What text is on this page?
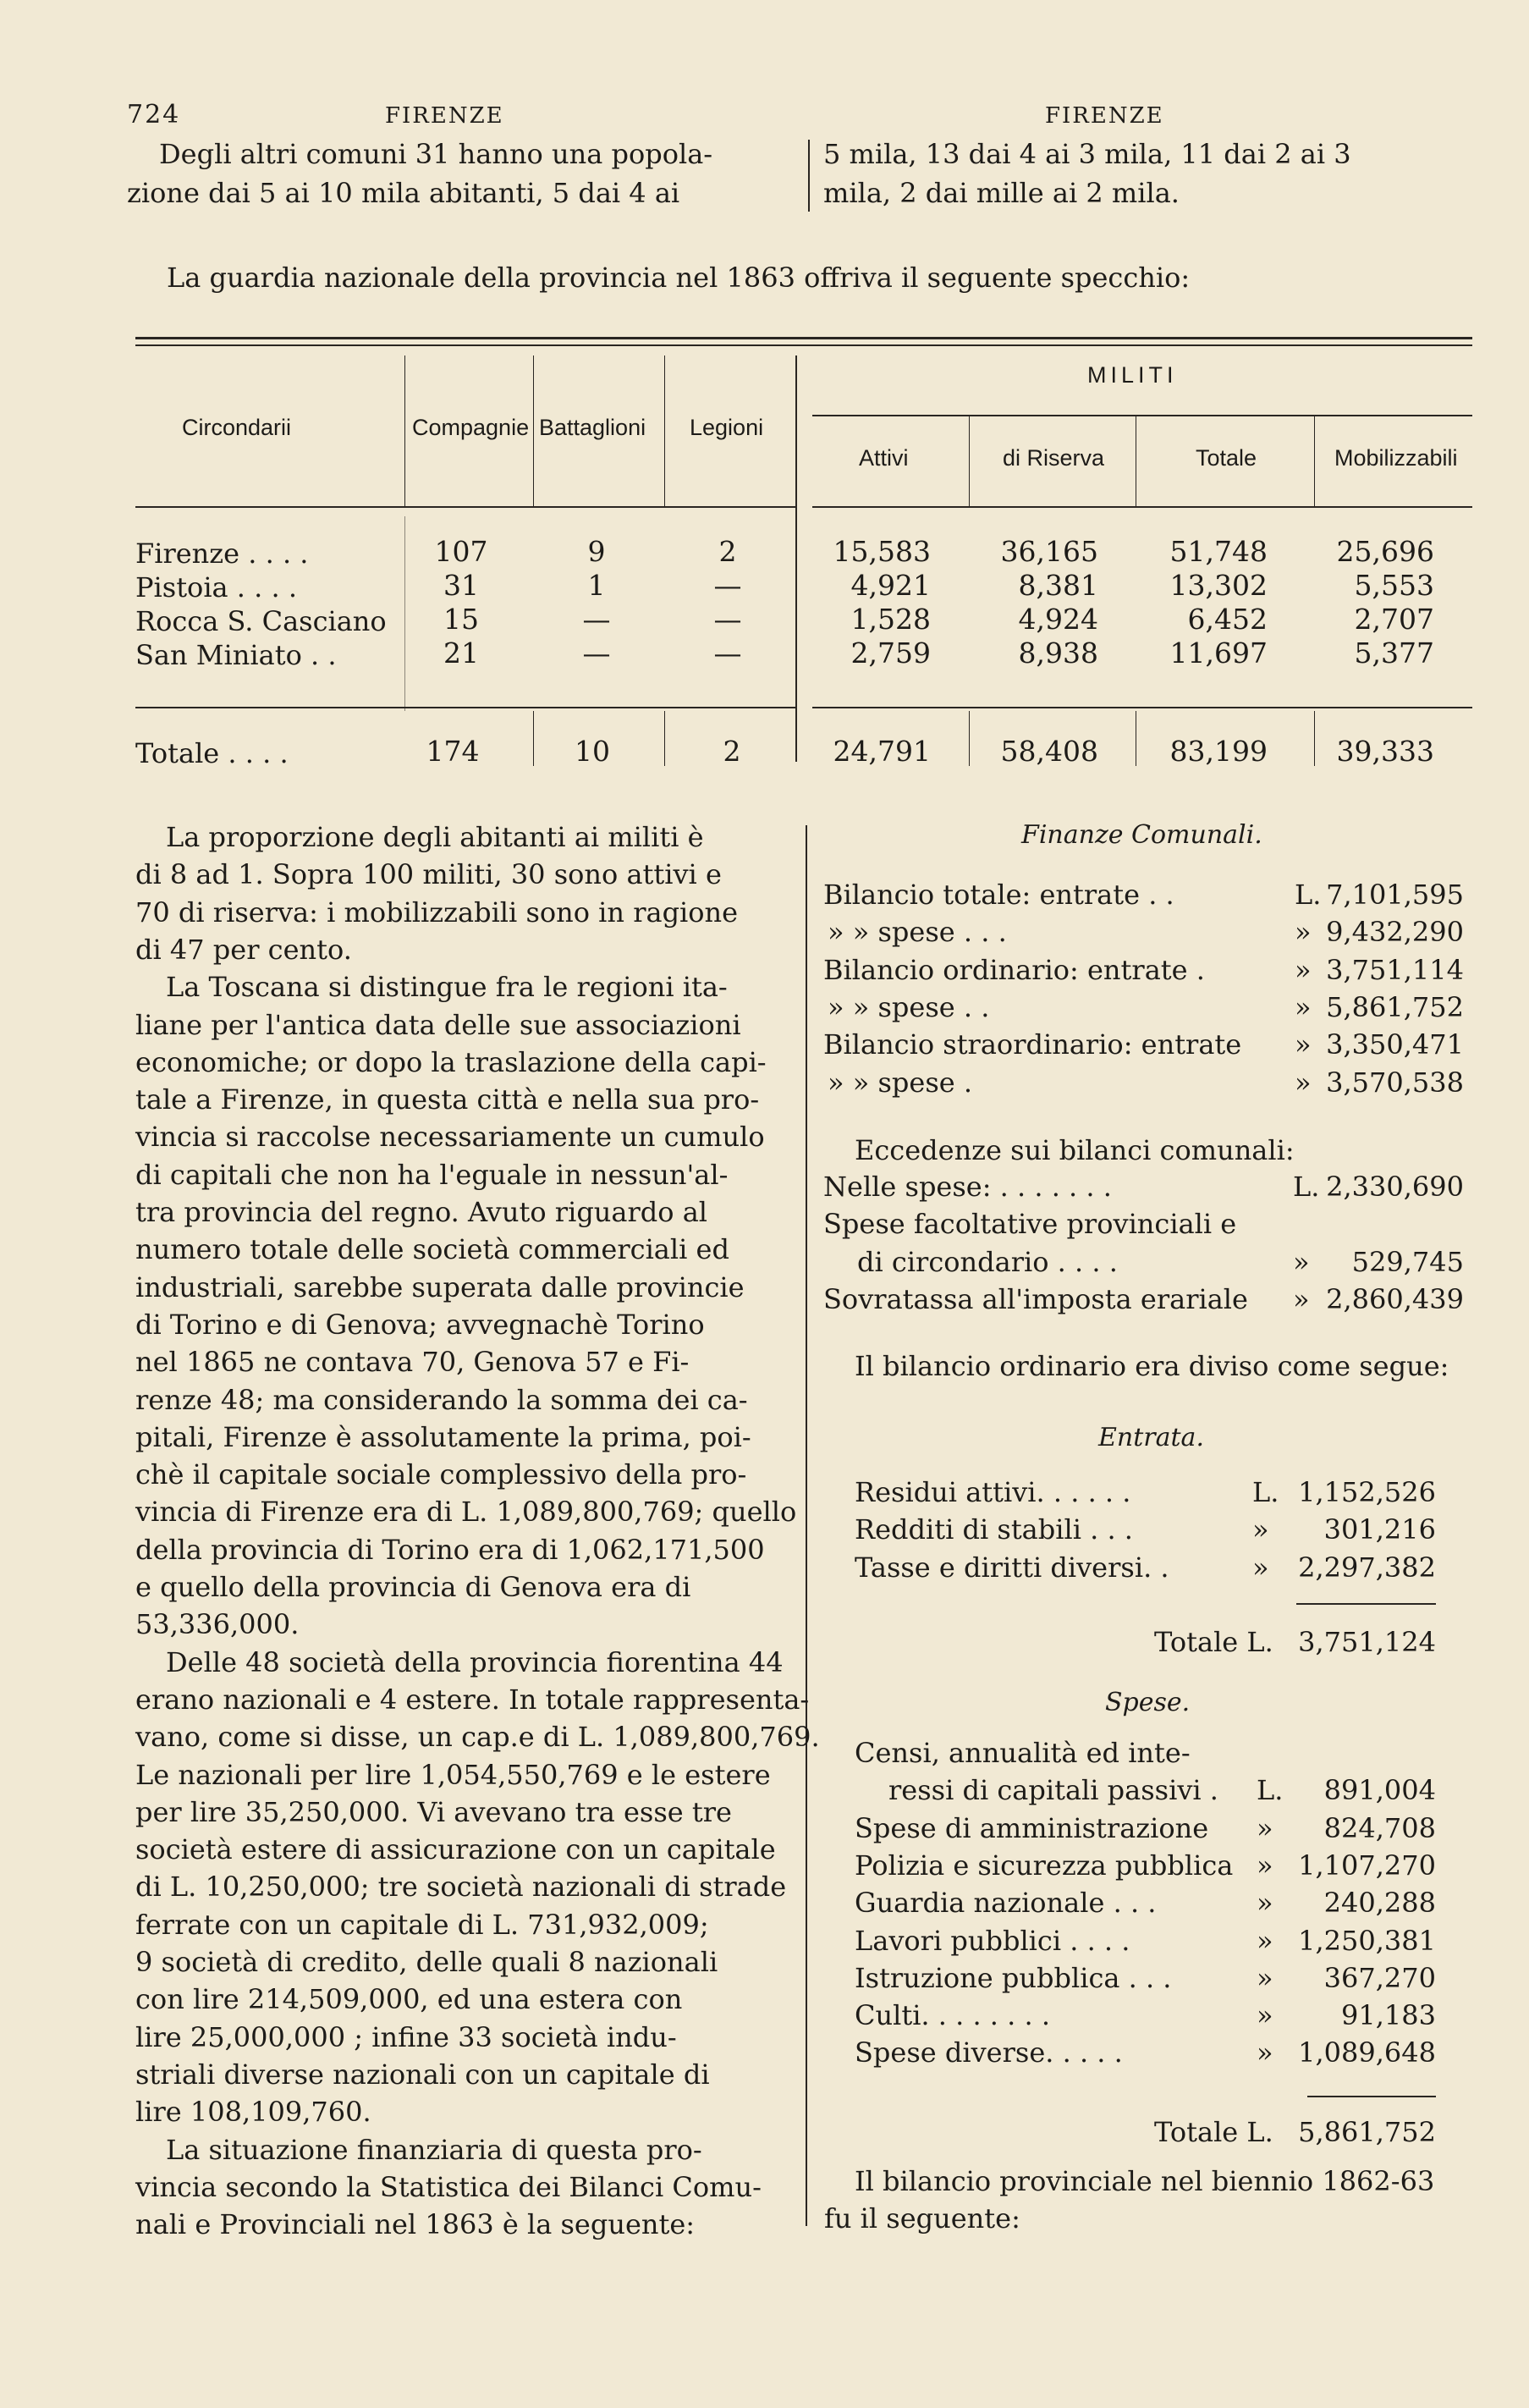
724	FIRENZE	FIRENZE
Degli altri comuni 31 hanno una popola-
zione dai 5 ai 10 mila abitanti, 5 dai 4 ai
5 mila, 13 dai 4 ai 3 mila, 11 dai 2 ai 3
mila, 2 dai mille ai 2 mila.
La guardia nazionale della provincia nel 1863 offriva il seguente specchio:
Circondarii	Compagnie Battaglioni Legioni
MILITI
Attivi	di Riserva	Totale	Mobilizzabili
Firenze . . . .	107	9	2	15,583	36,165	51,748	25,696
Pistoia . . . .	31	1	—	4,921	8,381	13,302	5,553
Rocca S. Casciano	15	—	—	1,528	4,924	6,452	2,707
San Miniato . .	21	—	—	2,759	8,938	11,697	5,377
Totale . . . .	174	10	2	24,791	58,408	83,199	39,333
La proporzione degli abitanti ai militi è
di 8 ad 1. Sopra 100 militi, 30 sono attivi e
70 di riserva: i mobilizzabili sono in ragione
di 47 per cento.
La Toscana si distingue fra le regioni ita-
liane per l'antica data delle sue associazioni
economiche; or dopo la traslazione della capi-
tale a Firenze, in questa città e nella sua pro-
vincia si raccolse necessariamente un cumulo
di capitali che non ha l'eguale in nessun'al-
tra provincia del regno. Avuto riguardo al
numero totale delle società commerciali ed
industriali, sarebbe superata dalle provincie
di Torino e di Genova; avvegnachè Torino
nel 1865 ne contava 70, Genova 57 e Fi-
renze 48; ma considerando la somma dei ca-
pitali, Firenze è assolutamente la prima, poi-
chè il capitale sociale complessivo della pro-
vincia di Firenze era di L. 1,089,800,769; quello
della provincia di Torino era di 1,062,171,500
e quello della provincia di Genova era di
53,336,000.
Delle 48 società della provincia fiorentina 44
erano nazionali e 4 estere. In totale rappresenta-
vano, come si disse, un cap.e di L. 1,089,800,769.
Le nazionali per lire 1,054,550,769 e le estere
per lire 35,250,000. Vi avevano tra esse tre
società estere di assicurazione con un capitale
di L. 10,250,000; tre società nazionali di strade
ferrate con un capitale di L. 731,932,009;
9 società di credito, delle quali 8 nazionali
con lire 214,509,000, ed una estera con
lire 25,000,000 ; infine 33 società indu-
striali diverse nazionali con un capitale di
lire 108,109,760.
La situazione finanziaria di questa pro-
vincia secondo la Statistica dei Bilanci Comu-
nali e Provinciali nel 1863 è la seguente:
Finanze Comunali.
Bilancio totale: entrate . .	L. 7,101,595
» » spese . . .	» 9,432,290
Bilancio ordinario: entrate .	» 3,751,114
» » spese . .	» 5,861,752
Bilancio straordinario: entrate » 3,350,471
» » spese .	» 3,570,538
Eccedenze sui bilanci comunali:
Nelle spese: . . . . . . .	L. 2,330,690
Spese facoltative provinciali e
di circondario . . . .	»	529,745
Sovratassa all'imposta erariale » 2,860,439
Il bilancio ordinario era diviso come segue:
Entrata.
Residui attivi. . . . . .	L. 1,152,526
Redditi di stabili . . .	»	301,216
Tasse e diritti diversi. .	»	2,297,382
Totale L. 3,751,124
Spese.
Censi, annualità ed inte-
ressi di capitali passivi . L.	891,004
Spese di amministrazione »	824,708
Polizia e sicurezza pubblica » 1,107,270
Guardia nazionale . . .	»	240,288
Lavori pubblici . . . .	» 1,250,381
Istruzione pubblica . . .	»	367,270
Culti. . . . . . . .	»	91,183
Spese diverse. . . . .	» 1,089,648
Totale L. 5,861,752
Il bilancio provinciale nel biennio 1862-63
fu il seguente:
